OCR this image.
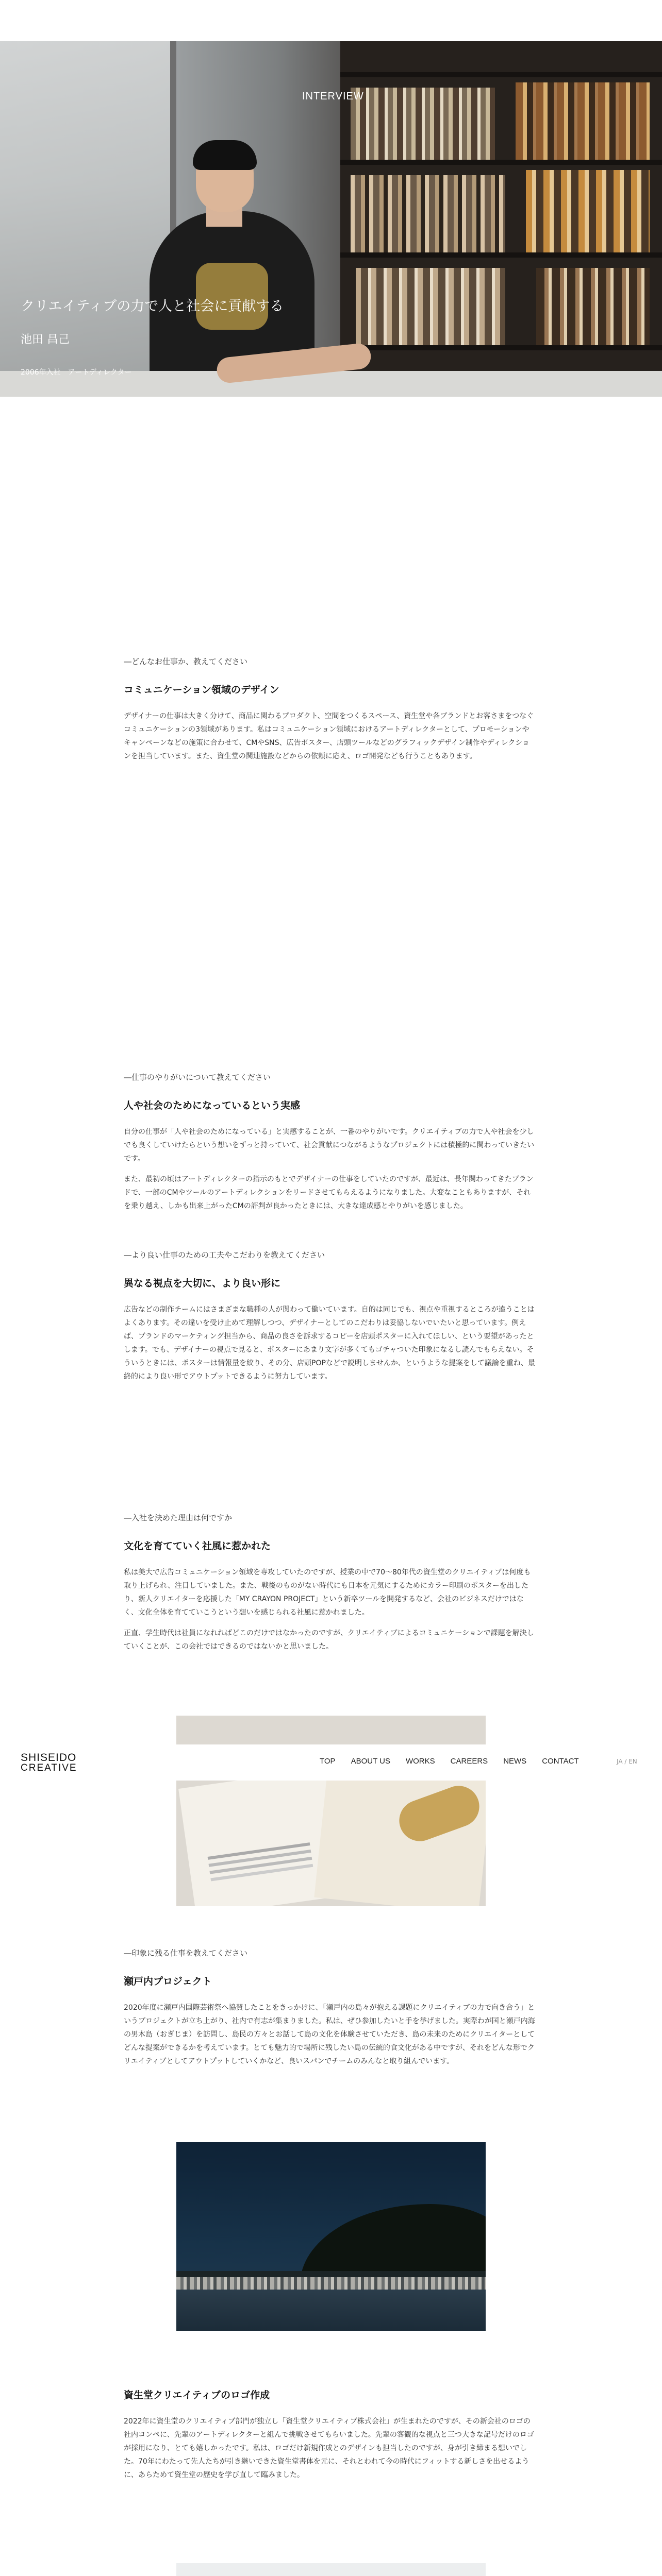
INTERVIEW
クリエイティブの力で人と社会に貢献する
池田 昌己
2006年入社　アートディレクター
―どんなお仕事か、教えてください
コミュニケーション領域のデザイン
デザイナーの仕事は大きく分けて、商品に関わるプロダクト、空間をつくるスペース、資生堂や各ブランドとお客さまをつなぐコミュニケーションの3領域があります。私はコミュニケーション領域におけるアートディレクターとして、プロモーションやキャンペーンなどの施策に合わせて、CMやSNS、広告ポスター、店頭ツールなどのグラフィックデザイン制作やディレクションを担当しています。また、資生堂の関連施設などからの依頼に応え、ロゴ開発なども行うこともあります。
―仕事のやりがいについて教えてください
人や社会のためになっているという実感
自分の仕事が「人や社会のためになっている」と実感することが、一番のやりがいです。クリエイティブの力で人や社会を少しでも良くしていけたらという想いをずっと持っていて、社会貢献につながるようなプロジェクトには積極的に関わっていきたいです。
また、最初の頃はアートディレクターの指示のもとでデザイナーの仕事をしていたのですが、最近は、長年関わってきたブランドで、一部のCMやツールのアートディレクションをリードさせてもらえるようになりました。大変なこともありますが、それを乗り越え、しかも出来上がったCMの評判が良かったときには、大きな達成感とやりがいを感じました。
―より良い仕事のための工夫やこだわりを教えてください
異なる視点を大切に、より良い形に
広告などの制作チームにはさまざまな職種の人が関わって働いています。自的は同じでも、視点や重視するところが違うことはよくあります。その違いを受け止めて理解しつつ、デザイナーとしてのこだわりは妥協しないでいたいと思っています。例えば、ブランドのマーケティング担当から、商品の良さを訴求するコピーを店頭ポスターに入れてほしい、という要望があったとします。でも、デザイナーの視点で見ると、ポスターにあまり文字が多くてもゴチャついた印象になるし読んでもらえない。そういうときには、ポスターは情報量を絞り、その分、店頭POPなどで説明しませんか、というような提案をして議論を重ね、最終的により良い形でアウトプットできるように努力しています。
―入社を決めた理由は何ですか
文化を育てていく社風に惹かれた
私は美大で広告コミュニケーション領域を専攻していたのですが、授業の中で70～80年代の資生堂のクリエイティブは何度も取り上げられ、注目していました。また、戦後のものがない時代にも日本を元気にするためにカラー印刷のポスターを出したり、新人クリエイターを応援した「MY CRAYON PROJECT」という新卒ツールを開発するなど、会社のビジネスだけではなく、文化全体を育てていこうという想いを感じられる社風に惹かれました。
正直、学生時代は社員になれればどこのだけではなかったのですが、クリエイティブによるコミュニケーションで課題を解決していくことが、この会社ではできるのではないかと思いました。
SHISEIDO
CREATIVE
TOP ABOUT US WORKS CAREERS NEWS CONTACT	JA / EN
―印象に残る仕事を教えてください
瀬戸内プロジェクト
2020年度に瀬戸内国際芸術祭へ協賛したことをきっかけに、「瀬戸内の島々が抱える課題にクリエイティブの力で向き合う」というプロジェクトが立ち上がり、社内で有志が集まりました。私は、ぜひ参加したいと手を挙げました。実際わが国と瀬戸内海の男木島（おぎじま）を訪問し、島民の方々とお話して島の文化を体験させていただき、島の未来のためにクリエイターとしてどんな提案ができるかを考えています。とても魅力的で場所に残したい島の伝統的食文化がある中ですが、それをどんな形でクリエイティブとしてアウトプットしていくかなど、良いスパンでチームのみんなと取り組んでいます。
資生堂クリエイティブのロゴ作成
2022年に資生堂のクリエイティブ部門が独立し「資生堂クリエイティブ株式会社」が生まれたのですが、その新会社のロゴの社内コンペに、先輩のアートディレクターと組んで挑戦させてもらいました。先輩の客観的な視点と三つ大きな記号だけのロゴが採用になり、とても嬉しかったです。私は、ロゴだけ新規作成とのデザインも担当したのですが、身が引き締まる想いでした。70年にわたって先人たちが引き継いできた資生堂書体を元に、それとわれて今の時代にフィットする新しさを出せるように、あらためて資生堂の歴史を学び直して臨みました。
